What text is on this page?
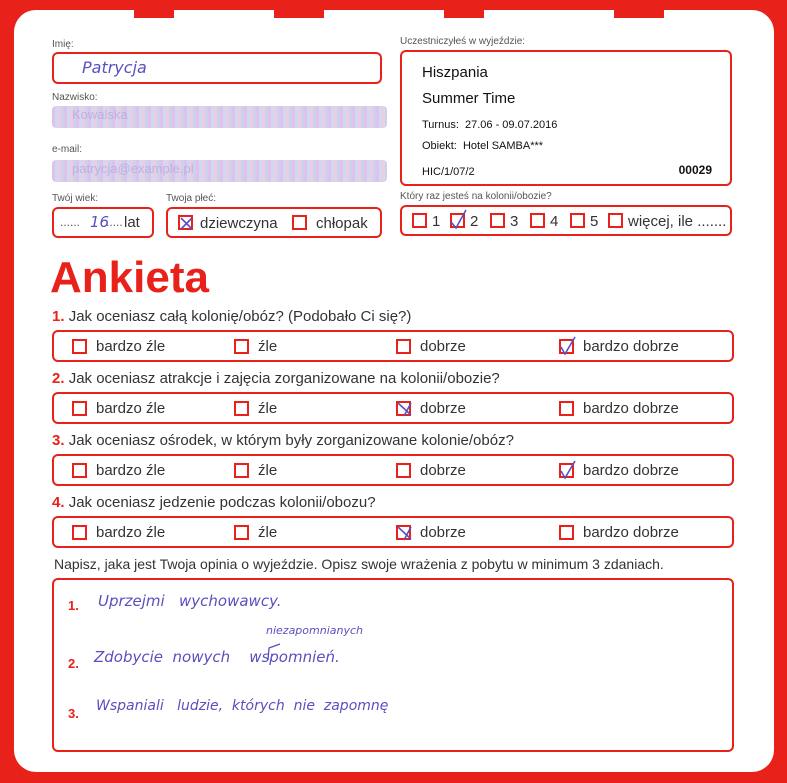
Imię:
Patrycja
Nazwisko:
Kowalska
e-mail:
patrycja@example.pl
Twój wiek:
...... 16
..... lat
Twoja płeć:
dziewczyna	chłopak
Uczestniczyłeś w wyjeździe:
Hiszpania
Summer Time
Turnus:  27.06 - 09.07.2016
Obiekt:  Hotel SAMBA***
HIC/1/07/2	00029
Który raz jesteś na kolonii/obozie?
1 2 3 4 5 więcej, ile .......
Ankieta
1. Jak oceniasz całą kolonię/obóz? (Podobało Ci się?)
bardzo źle	źle	dobrze	bardzo dobrze
2. Jak oceniasz atrakcje i zajęcia zorganizowane na kolonii/obozie?
bardzo źle	źle	dobrze	bardzo dobrze
3. Jak oceniasz ośrodek, w którym były zorganizowane kolonie/obóz?
bardzo źle	źle	dobrze	bardzo dobrze
4. Jak oceniasz jedzenie podczas kolonii/obozu?
bardzo źle	źle	dobrze	bardzo dobrze
Napisz, jaka jest Twoja opinia o wyjeździe. Opisz swoje wrażenia z pobytu w minimum 3 zdaniach.
1. Uprzejmi   wychowawcy.
niezapomnianych
2. Zdobycie  nowych    wspomnień.
3. Wspaniali   ludzie,  których  nie  zapomnę
